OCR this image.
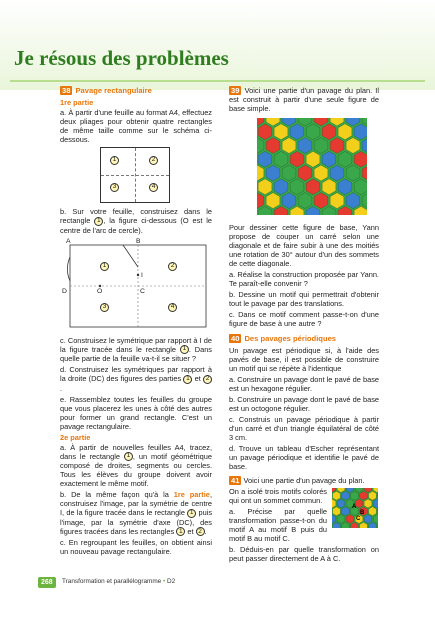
Je résous des problèmes
38 Pavage rectangulaire
1re partie

a. À partir d'une feuille au format A4, effectuez deux pliages pour obtenir quatre rectangles de même taille comme sur le schéma ci-dessous.

1	2
3	4

b. Sur votre feuille, construisez dans le rectangle 1 , la figure ci-dessous (O est le centre de l'arc de cercle).

A	B
D	C
O
I
1	2
3	4

c. Construisez le symétrique par rapport à I de la figure tracée dans le rectangle 1 . Dans quelle partie de la feuille va-t-il se situer ?

d. Construisez les symétriques par rapport à la droite (DC) des figures des parties 1 et 2.

e. Rassemblez toutes les feuilles du groupe que vous placerez les unes à côté des autres pour former un grand rectangle. C'est un pavage rectangulaire.

2e partie

a. À partir de nouvelles feuilles A4, tracez, dans le rectangle 1 , un motif géométrique composé de droites, segments ou cercles. Tous les élèves du groupe doivent avoir exactement le même motif.

b. De la même façon qu'à la 1re partie, construisez l'image, par la symétrie de centre I, de la figure tracée dans le rectangle 1 puis l'image, par la symétrie d'axe (DC), des figures tracées dans les rectangles 1 et 2 .

c. En regroupant les feuilles, on obtient ainsi un nouveau pavage rectangulaire.

39 Voici une partie d'un pavage du plan. Il est construit à partir d'une seule figure de base simple.

Pour dessiner cette figure de base, Yann propose de couper un carré selon une diagonale et de faire subir à une des moitiés une rotation de 30° autour d'un des sommets de cette diagonale.

a. Réalise la construction proposée par Yann. Te paraît-elle convenir ?

b. Dessine un motif qui permettrait d'obtenir tout le pavage par des translations.

c. Dans ce motif comment passe-t-on d'une figure de base à une autre ?

40 Des pavages périodiques

Un pavage est périodique si, à l'aide des pavés de base, il est possible de construire un motif qui se répète à l'identique

a. Construire un pavage dont le pavé de base est un hexagone régulier.

b. Construire un pavage dont le pavé de base est un octogone régulier.

c. Construis un pavage périodique à partir d'un carré et d'un triangle équilatéral de côté 3 cm.

d. Trouve un tableau d'Escher représentant un pavage périodique et identifie le pavé de base.

41 Voici une partie d'un pavage du plan.

On a isolé trois motifs colorés qui ont un sommet commun.

a. Précise par quelle transformation passe-t-on du motif A au motif B puis du motif B au motif C.

b. Déduis-en par quelle transformation on peut passer directement de A à C.

A
B
C
268	Transformation et parallélogramme • D2
